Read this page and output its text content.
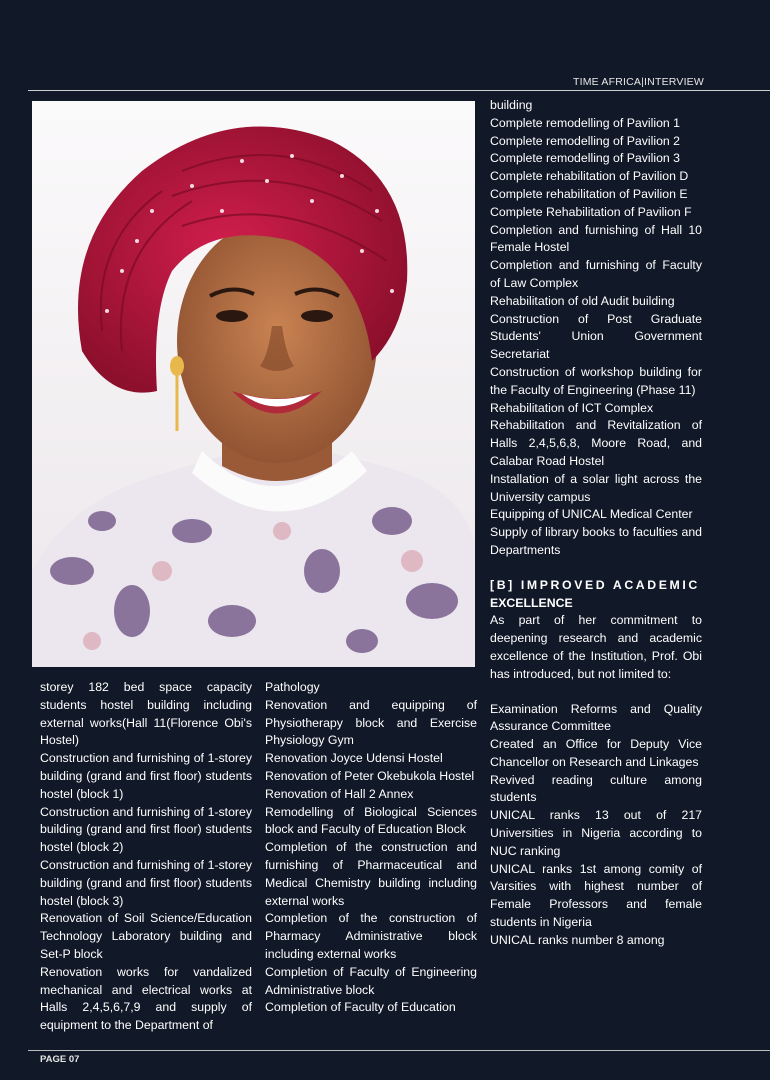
TIME AFRICA|INTERVIEW

storey 182 bed space capacity students hostel building including external works(Hall 11(Florence Obi's Hostel)

Construction and furnishing of 1-storey building (grand and first floor) students hostel (block 1)

Construction and furnishing of 1-storey building (grand and first floor) students hostel (block 2)

Construction and furnishing of 1-storey building (grand and first floor) students hostel (block 3)

Renovation of Soil Science/Education Technology Laboratory building and Set-P block

Renovation works for vandalized mechanical and electrical works at Halls 2,4,5,6,7,9 and supply of equipment to the Department of

Pathology

Renovation and equipping of Physiotherapy block and Exercise Physiology Gym

Renovation Joyce Udensi Hostel

Renovation of Peter Okebukola Hostel

Renovation of Hall 2 Annex

Remodelling of Biological Sciences block and Faculty of Education Block

Completion of the construction and furnishing of Pharmaceutical and Medical Chemistry building including external works

Completion of the construction of Pharmacy Administrative block including external works

Completion of Faculty of Engineering Administrative block

Completion of Faculty of Education

building

Complete remodelling of Pavilion 1

Complete remodelling of Pavilion 2

Complete remodelling of Pavilion 3

Complete rehabilitation of Pavilion D

Complete rehabilitation of Pavilion E

Complete Rehabilitation of Pavilion F

Completion and furnishing of Hall 10 Female Hostel

Completion and furnishing of Faculty of Law Complex

Rehabilitation of old Audit building

Construction of Post Graduate Students' Union Government Secretariat

Construction of workshop building for the Faculty of Engineering (Phase 11)

Rehabilitation of ICT Complex

Rehabilitation and Revitalization of Halls 2,4,5,6,8, Moore Road, and Calabar Road Hostel

Installation of a solar light across the University campus

Equipping of UNICAL Medical Center

Supply of library books to faculties and Departments

[B] IMPROVED ACADEMIC

EXCELLENCE

As part of her commitment to deepening research and academic excellence of the Institution, Prof. Obi has introduced, but not limited to:

Examination Reforms and Quality Assurance Committee

Created an Office for Deputy Vice Chancellor on Research and Linkages

Revived reading culture among students

UNICAL ranks 13 out of 217 Universities in Nigeria according to NUC ranking

UNICAL ranks 1st among comity of Varsities with highest number of Female Professors and female students in Nigeria

UNICAL ranks number 8 among

PAGE 07
